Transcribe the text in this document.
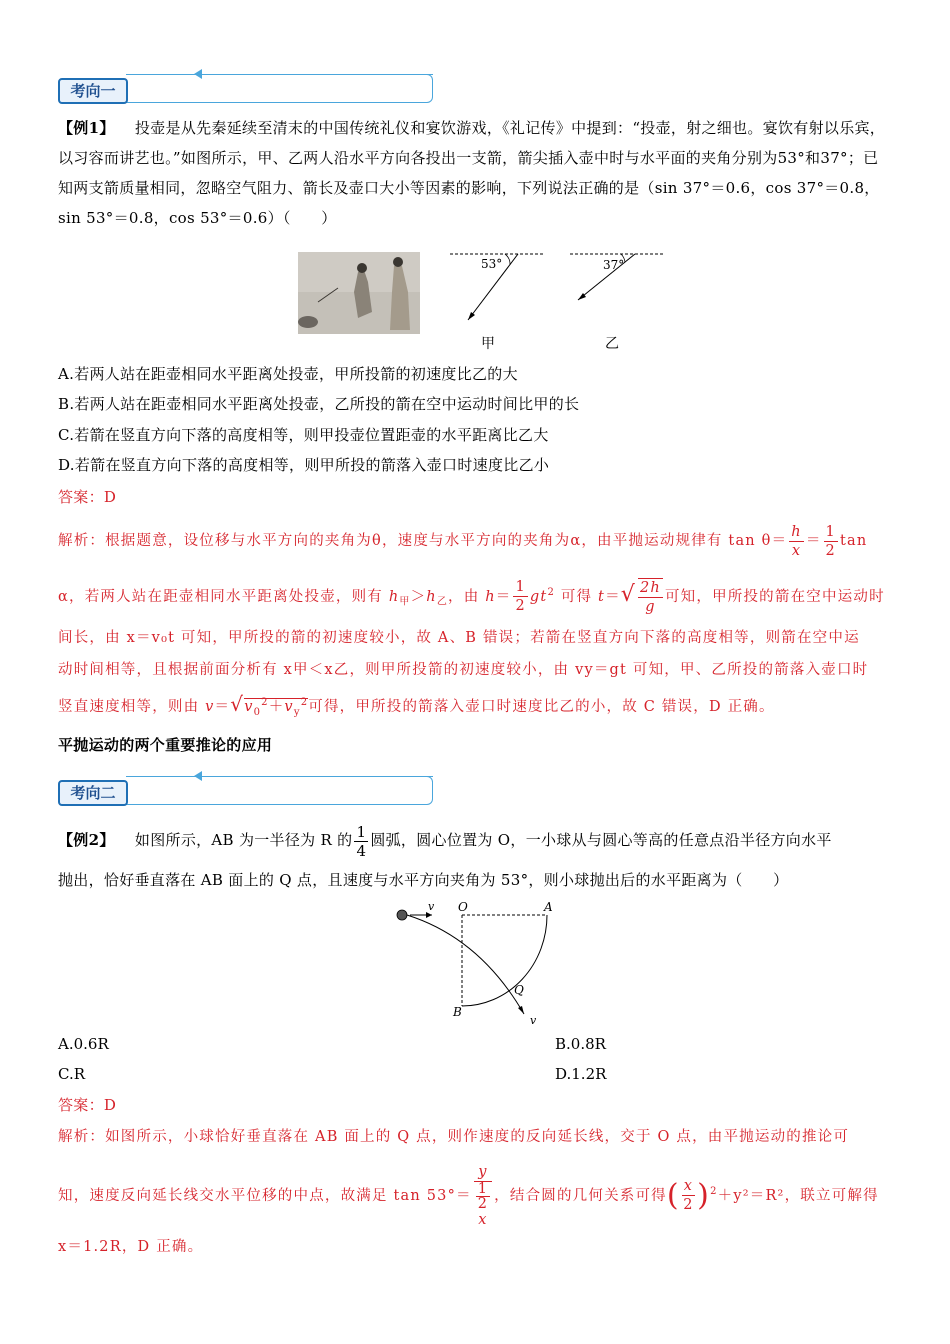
考向一
【例1】 投壶是从先秦延续至清末的中国传统礼仪和宴饮游戏，《礼记传》中提到：“投壶，射之细也。宴饮有射以乐宾，以习容而讲艺也。”如图所示，甲、乙两人沿水平方向各投出一支箭，箭尖插入壶中时与水平面的夹角分别为53°和37°；已知两支箭质量相同，忽略空气阻力、箭长及壶口大小等因素的影响，下列说法正确的是（sin 37°＝0.6，cos 37°＝0.8，sin 53°＝0.8，cos 53°＝0.6）（　　）
53°
甲
37°
乙
A.若两人站在距壶相同水平距离处投壶，甲所投箭的初速度比乙的大
B.若两人站在距壶相同水平距离处投壶，乙所投的箭在空中运动时间比甲的长
C.若箭在竖直方向下落的高度相等，则甲投壶位置距壶的水平距离比乙大
D.若箭在竖直方向下落的高度相等，则甲所投的箭落入壶口时速度比乙小
答案：D
解析：根据题意，设位移与水平方向的夹角为θ，速度与水平方向的夹角为α，由平抛运动规律有 $\tan \theta= \frac{h}{x} = \frac{1}{2}$ tan
α，若两人站在距壶相同水平距离处投壶，则有 $h_甲>h_乙$，由 $h= \frac{1}{2} gt^2$ 可得 $t=√ \frac{2h}{g}$ 可知，甲所投的箭在空中运动时
间长，由 x＝v₀t 可知，甲所投的箭的初速度较小，故 A、B 错误；若箭在竖直方向下落的高度相等，则箭在空中运
动时间相等，且根据前面分析有 x甲＜x乙，则甲所投箭的初速度较小，由 vy＝gt 可知，甲、乙所投的箭落入壶口时
竖直速度相等，则由 $v=√v_0^2+v_y^2$可得，甲所投的箭落入壶口时速度比乙的小，故 C 错误，D 正确。
平抛运动的两个重要推论的应用
考向二
【例2】 如图所示，AB 为一半径为 R 的 $\frac{1}{4}$ 圆弧，圆心位置为 O，一小球从与圆心等高的任意点沿半径方向水平
抛出，恰好垂直落在 AB 面上的 Q 点，且速度与水平方向夹角为 53°，则小球抛出后的水平距离为（　　）
v O	A
B
Q
v
A.0.6R	B.0.8R
C.R	D.1.2R
答案：D
解析：如图所示，小球恰好垂直落在 AB 面上的 Q 点，则作速度的反向延长线，交于 O 点，由平抛运动的推论可
知，速度反向延长线交水平位移的中点，故满足 tan 53°＝ y
1
2
x ，结合圆的几何关系可得( $\frac{x}{2} )^2+y^2=R^2$，联立可解得
x＝1.2R，D 正确。
